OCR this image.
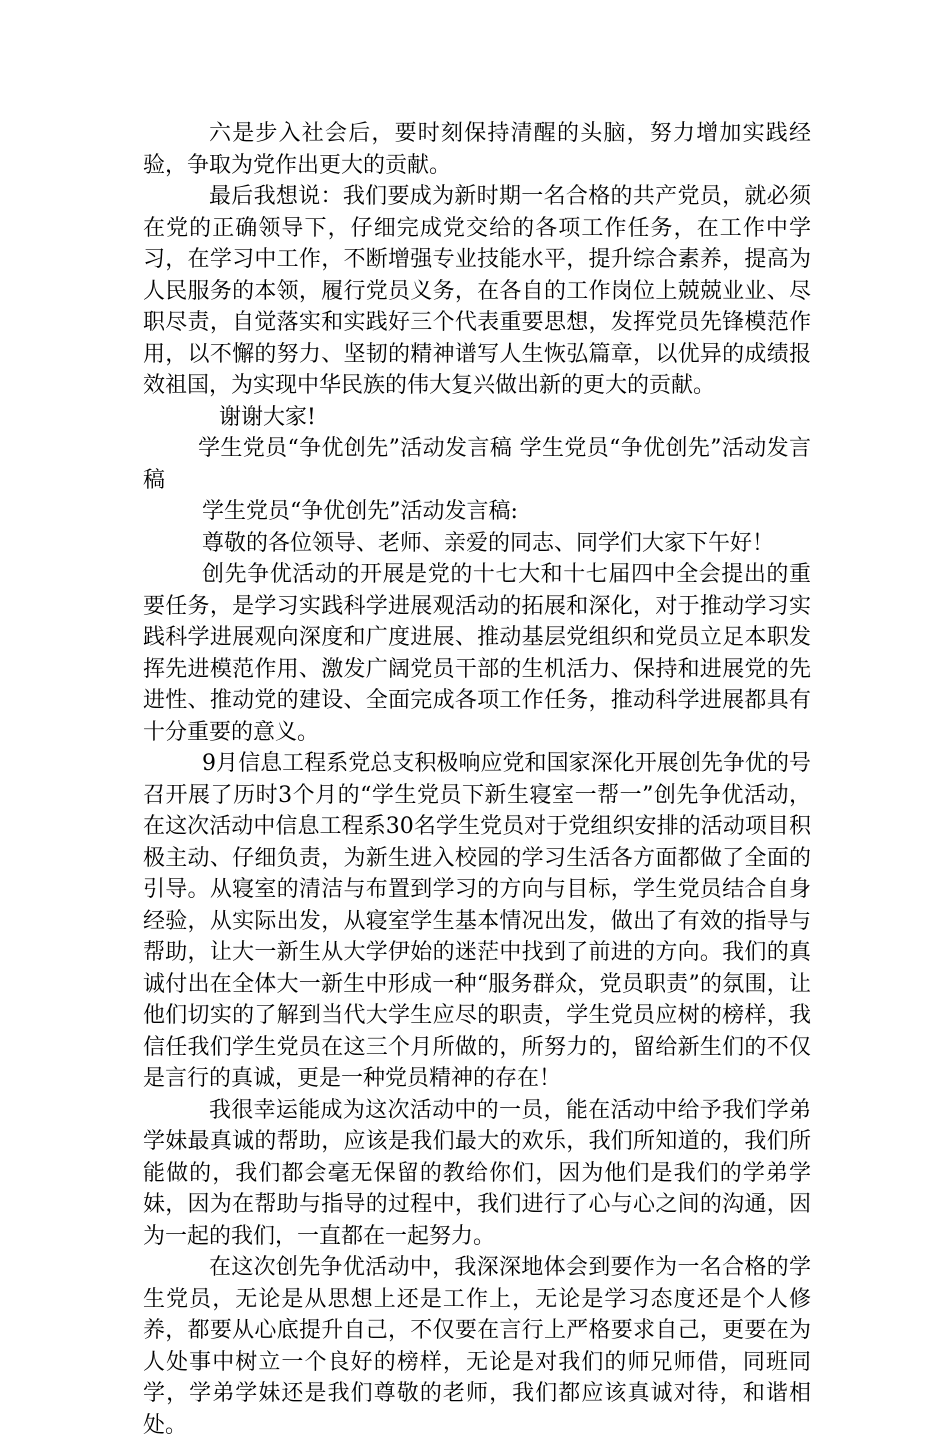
六是步入社会后，要时刻保持清醒的头脑，努力增加实践经验，争取为党作出更大的贡献。

最后我想说：我们要成为新时期一名合格的共产党员，就必须在党的正确领导下，仔细完成党交给的各项工作任务，在工作中学习，在学习中工作，不断增强专业技能水平，提升综合素养，提高为人民服务的本领，履行党员义务，在各自的工作岗位上兢兢业业、尽职尽责，自觉落实和实践好三个代表重要思想，发挥党员先锋模范作用，以不懈的努力、坚韧的精神谱写人生恢弘篇章，以优异的成绩报效祖国，为实现中华民族的伟大复兴做出新的更大的贡献。

谢谢大家!

学生党员“争优创先”活动发言稿 学生党员“争优创先”活动发言稿

学生党员“争优创先”活动发言稿:

尊敬的各位领导、老师、亲爱的同志、同学们大家下午好！

创先争优活动的开展是党的十七大和十七届四中全会提出的重要任务，是学习实践科学进展观活动的拓展和深化，对于推动学习实践科学进展观向深度和广度进展、推动基层党组织和党员立足本职发挥先进模范作用、激发广阔党员干部的生机活力、保持和进展党的先进性、推动党的建设、全面完成各项工作任务，推动科学进展都具有十分重要的意义。

9月信息工程系党总支积极响应党和国家深化开展创先争优的号召开展了历时3个月的“学生党员下新生寝室一帮一”创先争优活动，在这次活动中信息工程系30名学生党员对于党组织安排的活动项目积极主动、仔细负责，为新生进入校园的学习生活各方面都做了全面的引导。从寝室的清洁与布置到学习的方向与目标，学生党员结合自身经验，从实际出发，从寝室学生基本情况出发，做出了有效的指导与帮助，让大一新生从大学伊始的迷茫中找到了前进的方向。我们的真诚付出在全体大一新生中形成一种“服务群众，党员职责”的氛围，让他们切实的了解到当代大学生应尽的职责，学生党员应树的榜样，我信任我们学生党员在这三个月所做的，所努力的，留给新生们的不仅是言行的真诚，更是一种党员精神的存在！

我很幸运能成为这次活动中的一员，能在活动中给予我们学弟学妹最真诚的帮助，应该是我们最大的欢乐，我们所知道的，我们所能做的，我们都会毫无保留的教给你们，因为他们是我们的学弟学妹，因为在帮助与指导的过程中，我们进行了心与心之间的沟通，因为一起的我们，一直都在一起努力。

在这次创先争优活动中，我深深地体会到要作为一名合格的学生党员，无论是从思想上还是工作上，无论是学习态度还是个人修养，都要从心底提升自己，不仅要在言行上严格要求自己，更要在为人处事中树立一个良好的榜样，无论是对我们的师兄师借，同班同学，学弟学妹还是我们尊敬的老师，我们都应该真诚对待，和谐相处。
